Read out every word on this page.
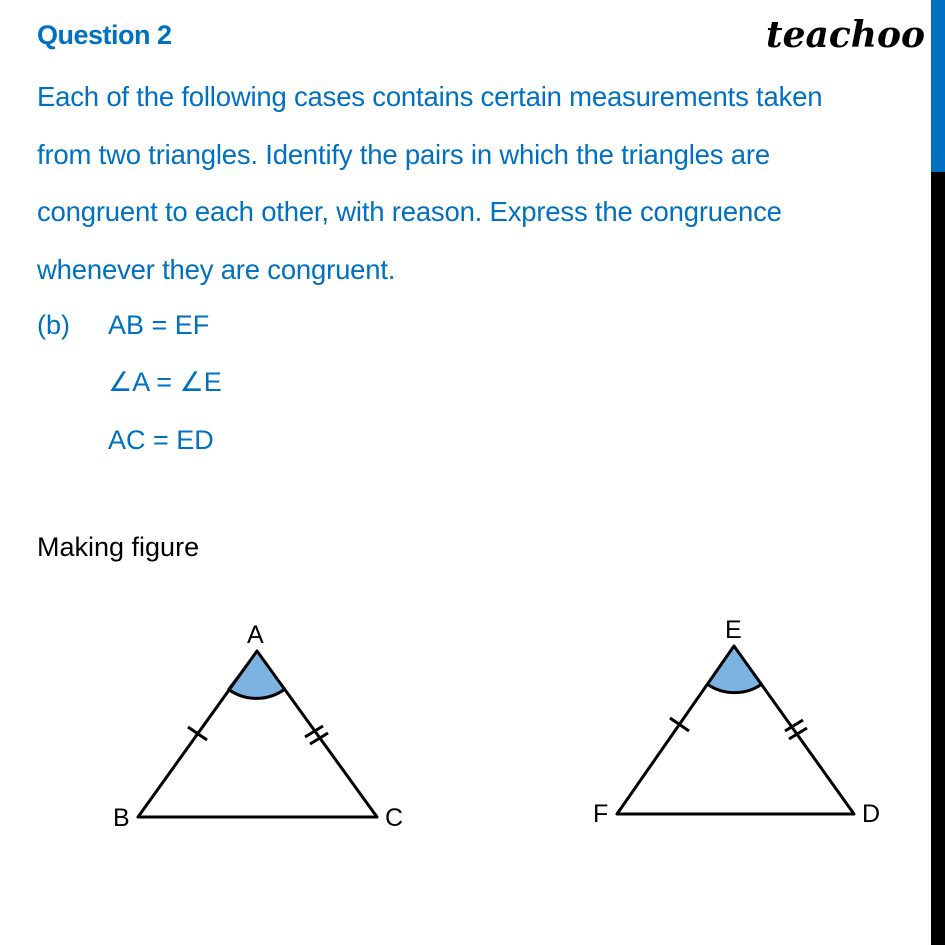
Question 2	teachoo
Each of the following cases contains certain measurements taken
from two triangles. Identify the pairs in which the triangles are
congruent to each other, with reason. Express the congruence
whenever they are congruent.
(b) AB = EF
∠A = ∠E
AC = ED
Making figure
A
B	C
E
F	D
